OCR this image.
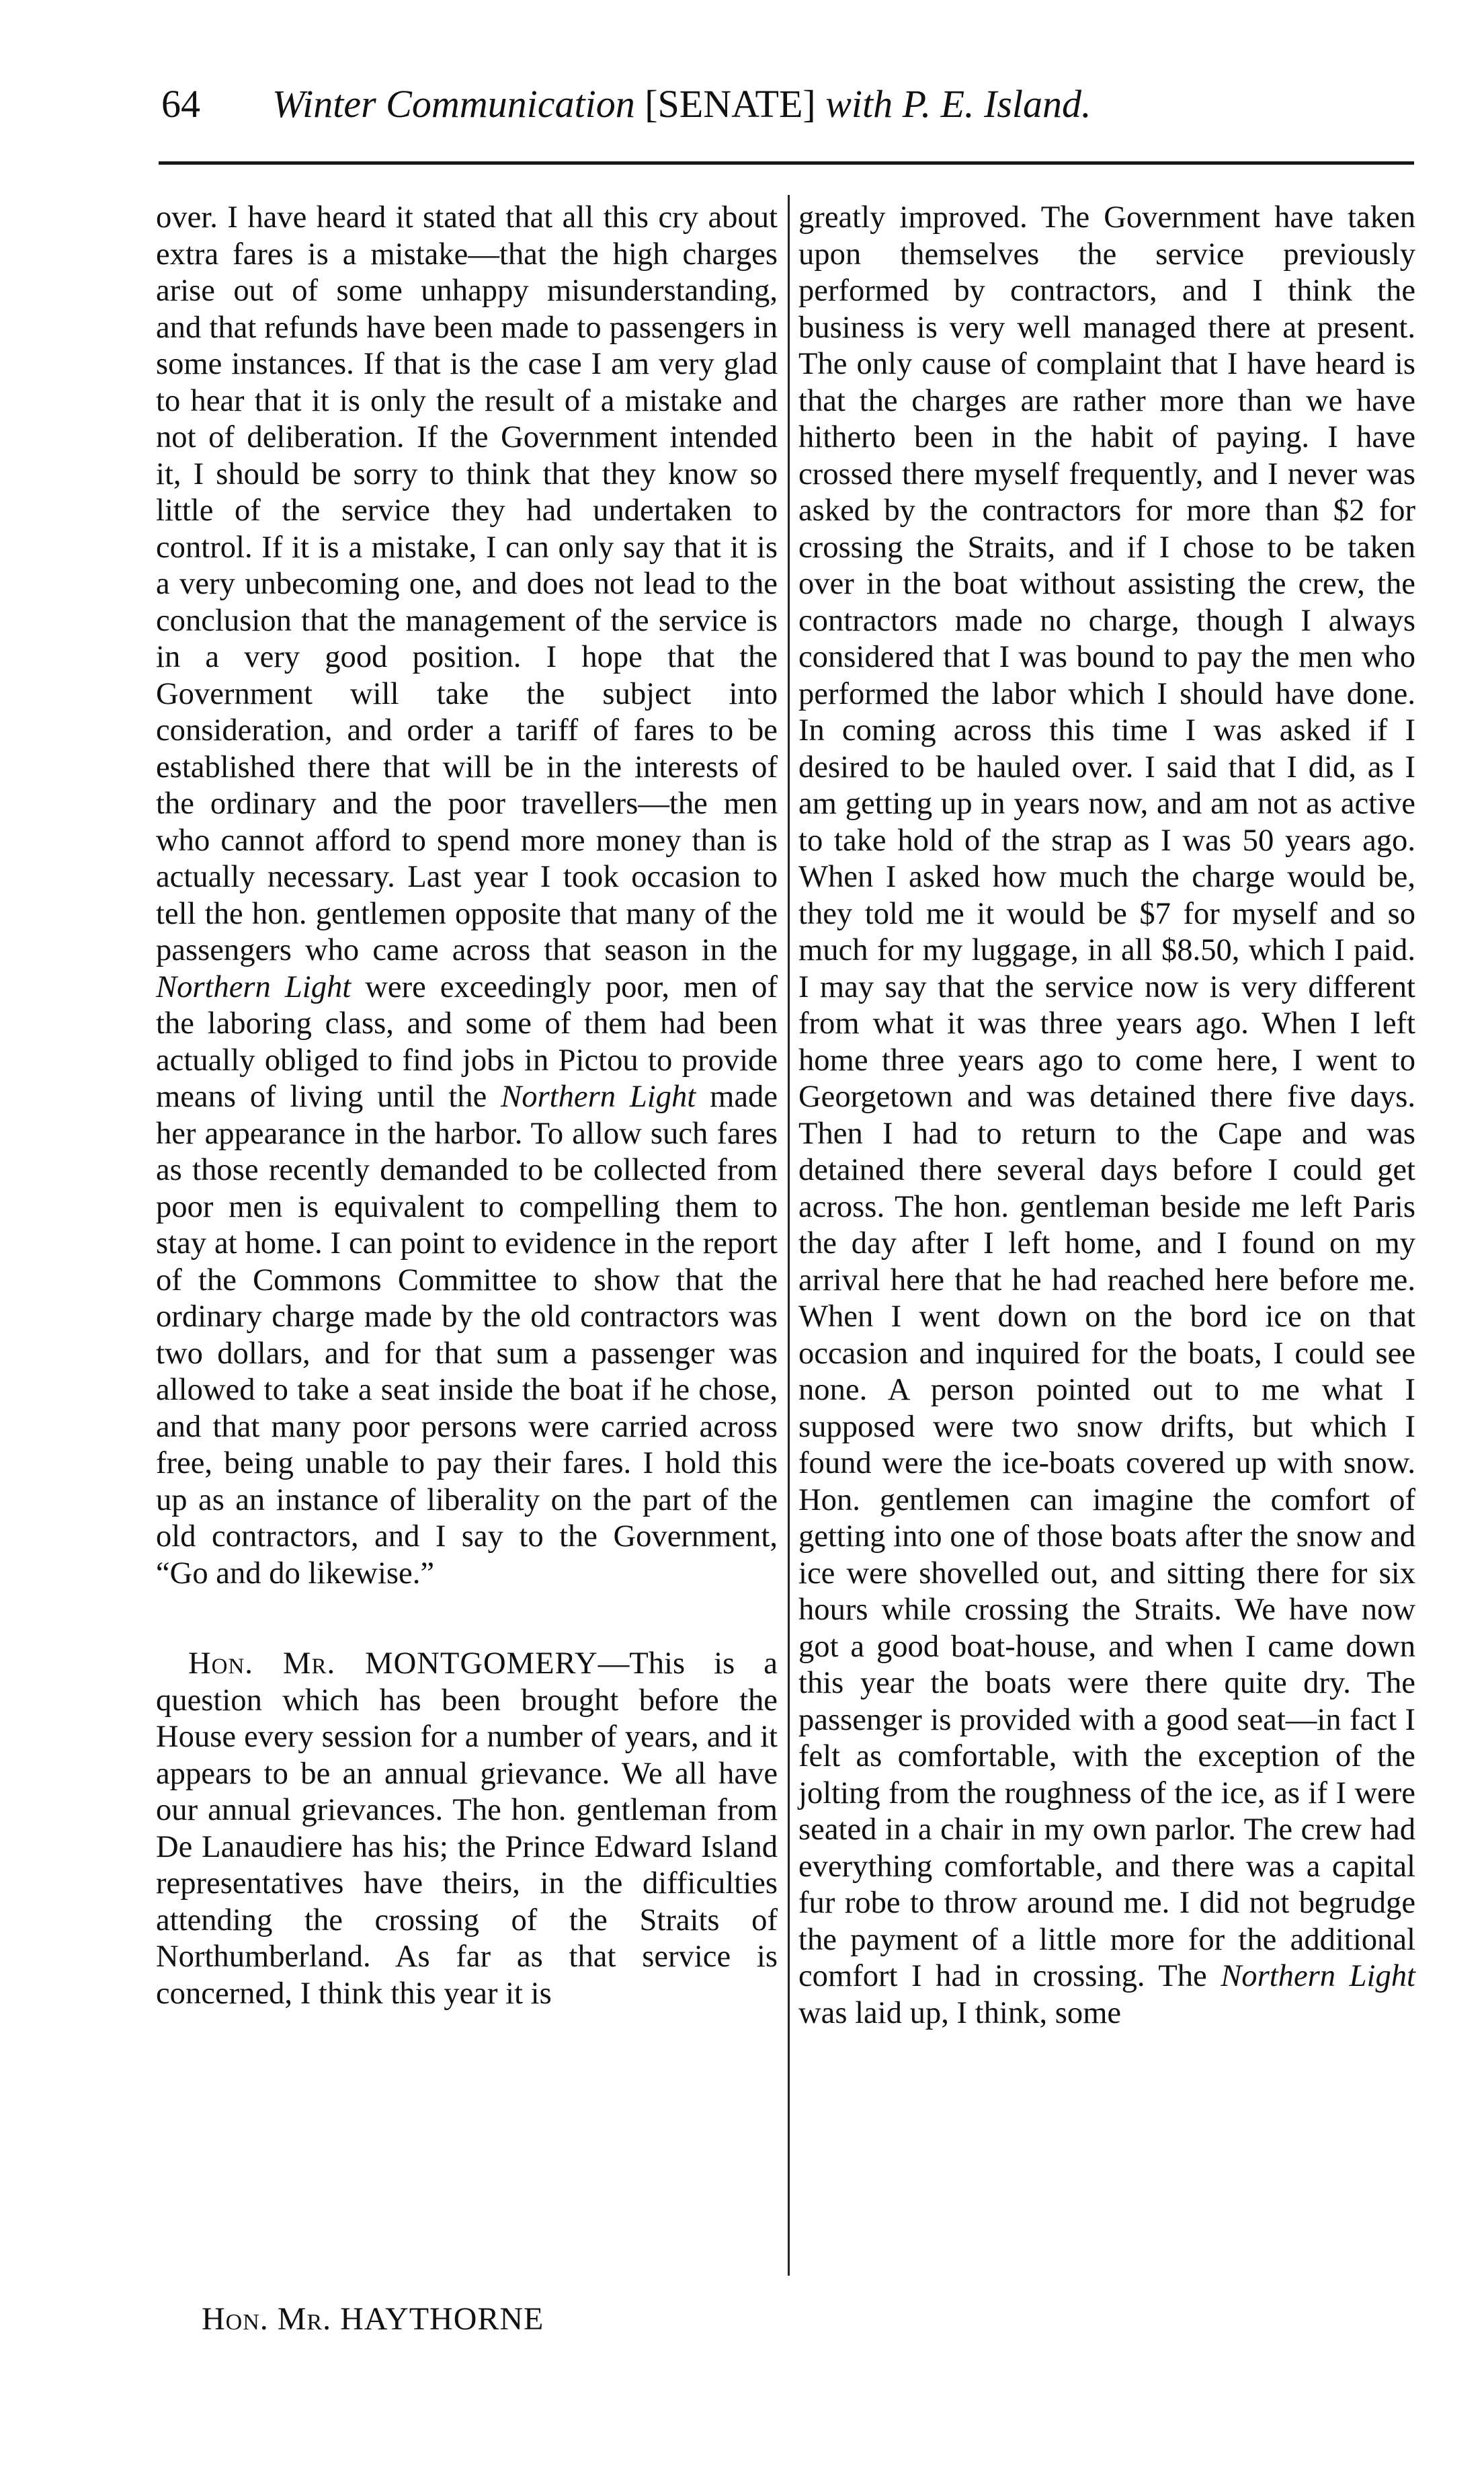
64 Winter Communication [SENATE] with P. E. Island.

over. I have heard it stated that all this cry about extra fares is a mistake—that the high charges arise out of some unhappy misunderstanding, and that refunds have been made to passengers in some instances. If that is the case I am very glad to hear that it is only the result of a mistake and not of deliberation. If the Government intended it, I should be sorry to think that they know so little of the service they had undertaken to control. If it is a mistake, I can only say that it is a very unbecoming one, and does not lead to the conclusion that the management of the service is in a very good position. I hope that the Government will take the subject into consideration, and order a tariff of fares to be established there that will be in the interests of the ordinary and the poor travellers—the men who cannot afford to spend more money than is actually necessary. Last year I took occasion to tell the hon. gentlemen opposite that many of the passengers who came across that season in the Northern Light were exceedingly poor, men of the laboring class, and some of them had been actually obliged to find jobs in Pictou to provide means of living until the Northern Light made her appearance in the harbor. To allow such fares as those recently demanded to be collected from poor men is equivalent to compelling them to stay at home. I can point to evidence in the report of the Commons Committee to show that the ordinary charge made by the old contractors was two dollars, and for that sum a passenger was allowed to take a seat inside the boat if he chose, and that many poor persons were carried across free, being unable to pay their fares. I hold this up as an instance of liberality on the part of the old contractors, and I say to the Government, “Go and do likewise.”

Hon. Mr. MONTGOMERY—This is a question which has been brought before the House every session for a number of years, and it appears to be an annual grievance. We all have our annual grievances. The hon. gentleman from De Lanaudiere has his; the Prince Edward Island representatives have theirs, in the difficulties attending the crossing of the Straits of Northumberland. As far as that service is concerned, I think this year it is

greatly improved. The Government have taken upon themselves the service previously performed by contractors, and I think the business is very well managed there at present. The only cause of complaint that I have heard is that the charges are rather more than we have hitherto been in the habit of paying. I have crossed there myself frequently, and I never was asked by the contractors for more than $2 for crossing the Straits, and if I chose to be taken over in the boat without assisting the crew, the contractors made no charge, though I always considered that I was bound to pay the men who performed the labor which I should have done. In coming across this time I was asked if I desired to be hauled over. I said that I did, as I am getting up in years now, and am not as active to take hold of the strap as I was 50 years ago. When I asked how much the charge would be, they told me it would be $7 for myself and so much for my luggage, in all $8.50, which I paid. I may say that the service now is very different from what it was three years ago. When I left home three years ago to come here, I went to Georgetown and was detained there five days. Then I had to return to the Cape and was detained there several days before I could get across. The hon. gentleman beside me left Paris the day after I left home, and I found on my arrival here that he had reached here before me. When I went down on the bord ice on that occasion and inquired for the boats, I could see none. A person pointed out to me what I supposed were two snow drifts, but which I found were the ice-boats covered up with snow. Hon. gentlemen can imagine the comfort of getting into one of those boats after the snow and ice were shovelled out, and sitting there for six hours while crossing the Straits. We have now got a good boat-house, and when I came down this year the boats were there quite dry. The passenger is provided with a good seat—in fact I felt as comfortable, with the exception of the jolting from the roughness of the ice, as if I were seated in a chair in my own parlor. The crew had everything comfortable, and there was a capital fur robe to throw around me. I did not begrudge the payment of a little more for the additional comfort I had in crossing. The Northern Light was laid up, I think, some

Hon. Mr. HAYTHORNE
